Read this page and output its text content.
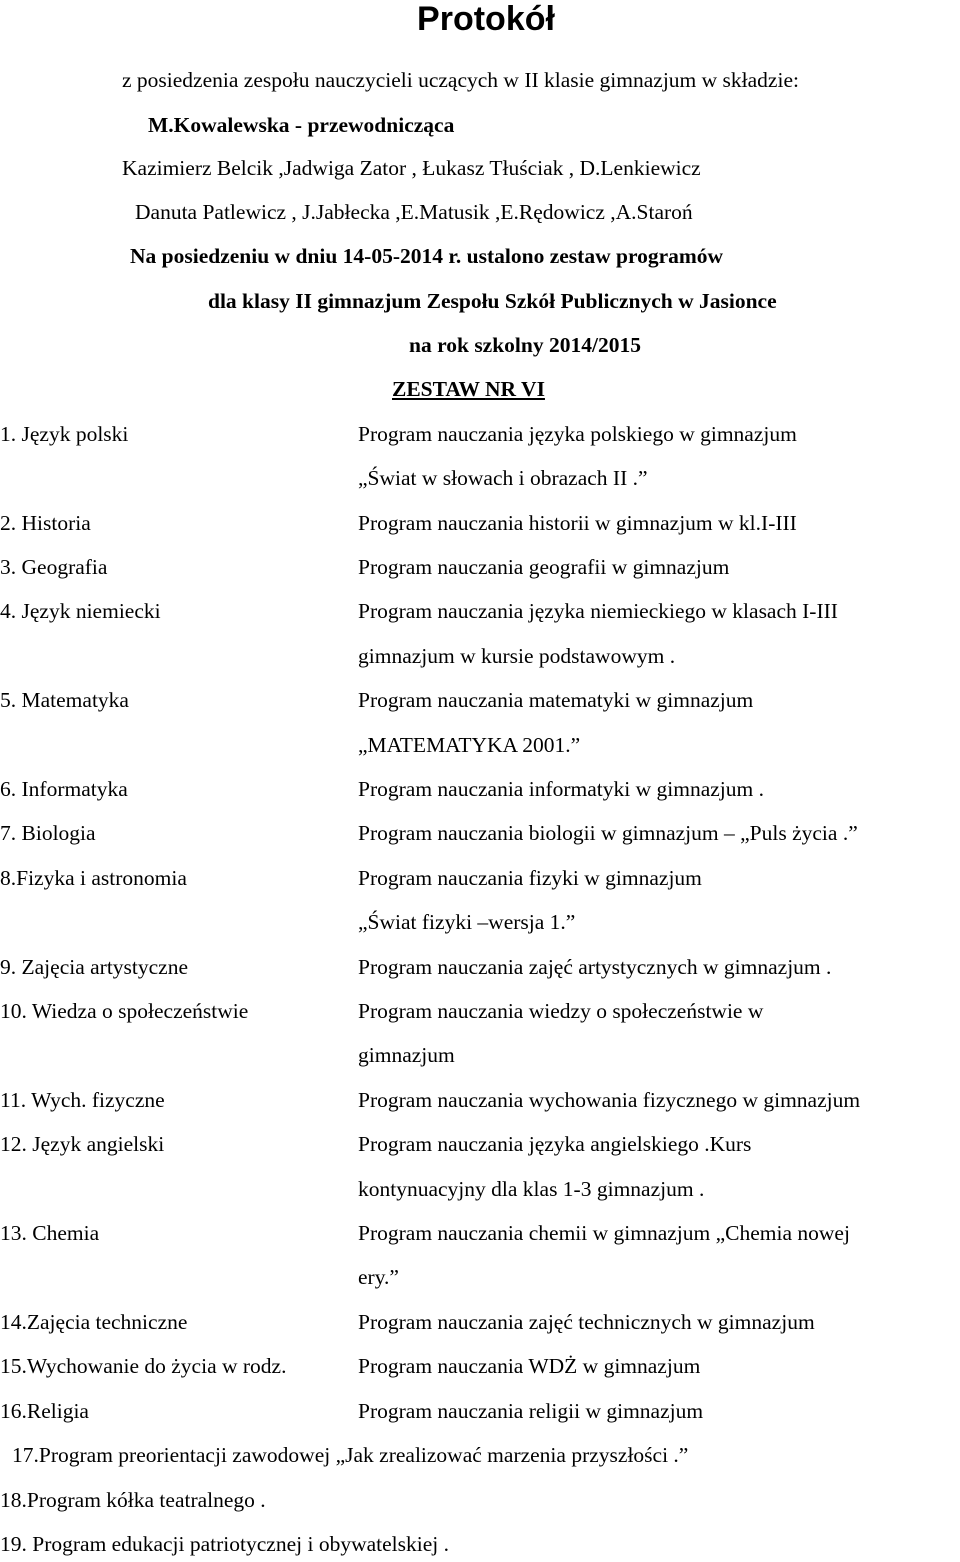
Protokół
z posiedzenia zespołu nauczycieli uczących w II klasie gimnazjum w składzie:
M.Kowalewska - przewodnicząca
Kazimierz Belcik ,Jadwiga Zator , Łukasz Tłuściak , D.Lenkiewicz
Danuta Patlewicz , J.Jabłecka ,E.Matusik ,E.Rędowicz ,A.Staroń
Na posiedzeniu w dniu 14-05-2014 r. ustalono zestaw programów
dla klasy II gimnazjum Zespołu Szkół Publicznych w Jasionce
na rok szkolny 2014/2015
ZESTAW NR VI
1. Język polski	Program nauczania języka polskiego w gimnazjum
„Świat w słowach i obrazach II .”
2. Historia	Program nauczania historii w gimnazjum w kl.I-III
3. Geografia	Program nauczania geografii w gimnazjum
4. Język niemiecki	Program nauczania języka niemieckiego w klasach I-III
gimnazjum w kursie podstawowym .
5. Matematyka	Program nauczania matematyki w gimnazjum
„MATEMATYKA 2001.”
6. Informatyka	Program nauczania informatyki w gimnazjum .
7. Biologia	Program nauczania biologii w gimnazjum – „Puls życia .”
8.Fizyka i astronomia	Program nauczania fizyki w gimnazjum
„Świat fizyki –wersja 1.”
9. Zajęcia artystyczne	Program nauczania zajęć artystycznych w gimnazjum .
10. Wiedza o społeczeństwie	Program nauczania wiedzy o społeczeństwie w
gimnazjum
11. Wych. fizyczne	Program nauczania wychowania fizycznego w gimnazjum
12. Język angielski	Program nauczania języka angielskiego .Kurs
kontynuacyjny dla klas 1-3 gimnazjum .
13. Chemia	Program nauczania chemii w gimnazjum „Chemia nowej
ery.”
14.Zajęcia techniczne	Program nauczania zajęć technicznych w gimnazjum
15.Wychowanie do życia w rodz.	Program nauczania WDŻ w gimnazjum
16.Religia	Program nauczania religii w gimnazjum
17.Program preorientacji zawodowej „Jak zrealizować marzenia przyszłości .”
18.Program kółka teatralnego .
19. Program edukacji patriotycznej i obywatelskiej .
